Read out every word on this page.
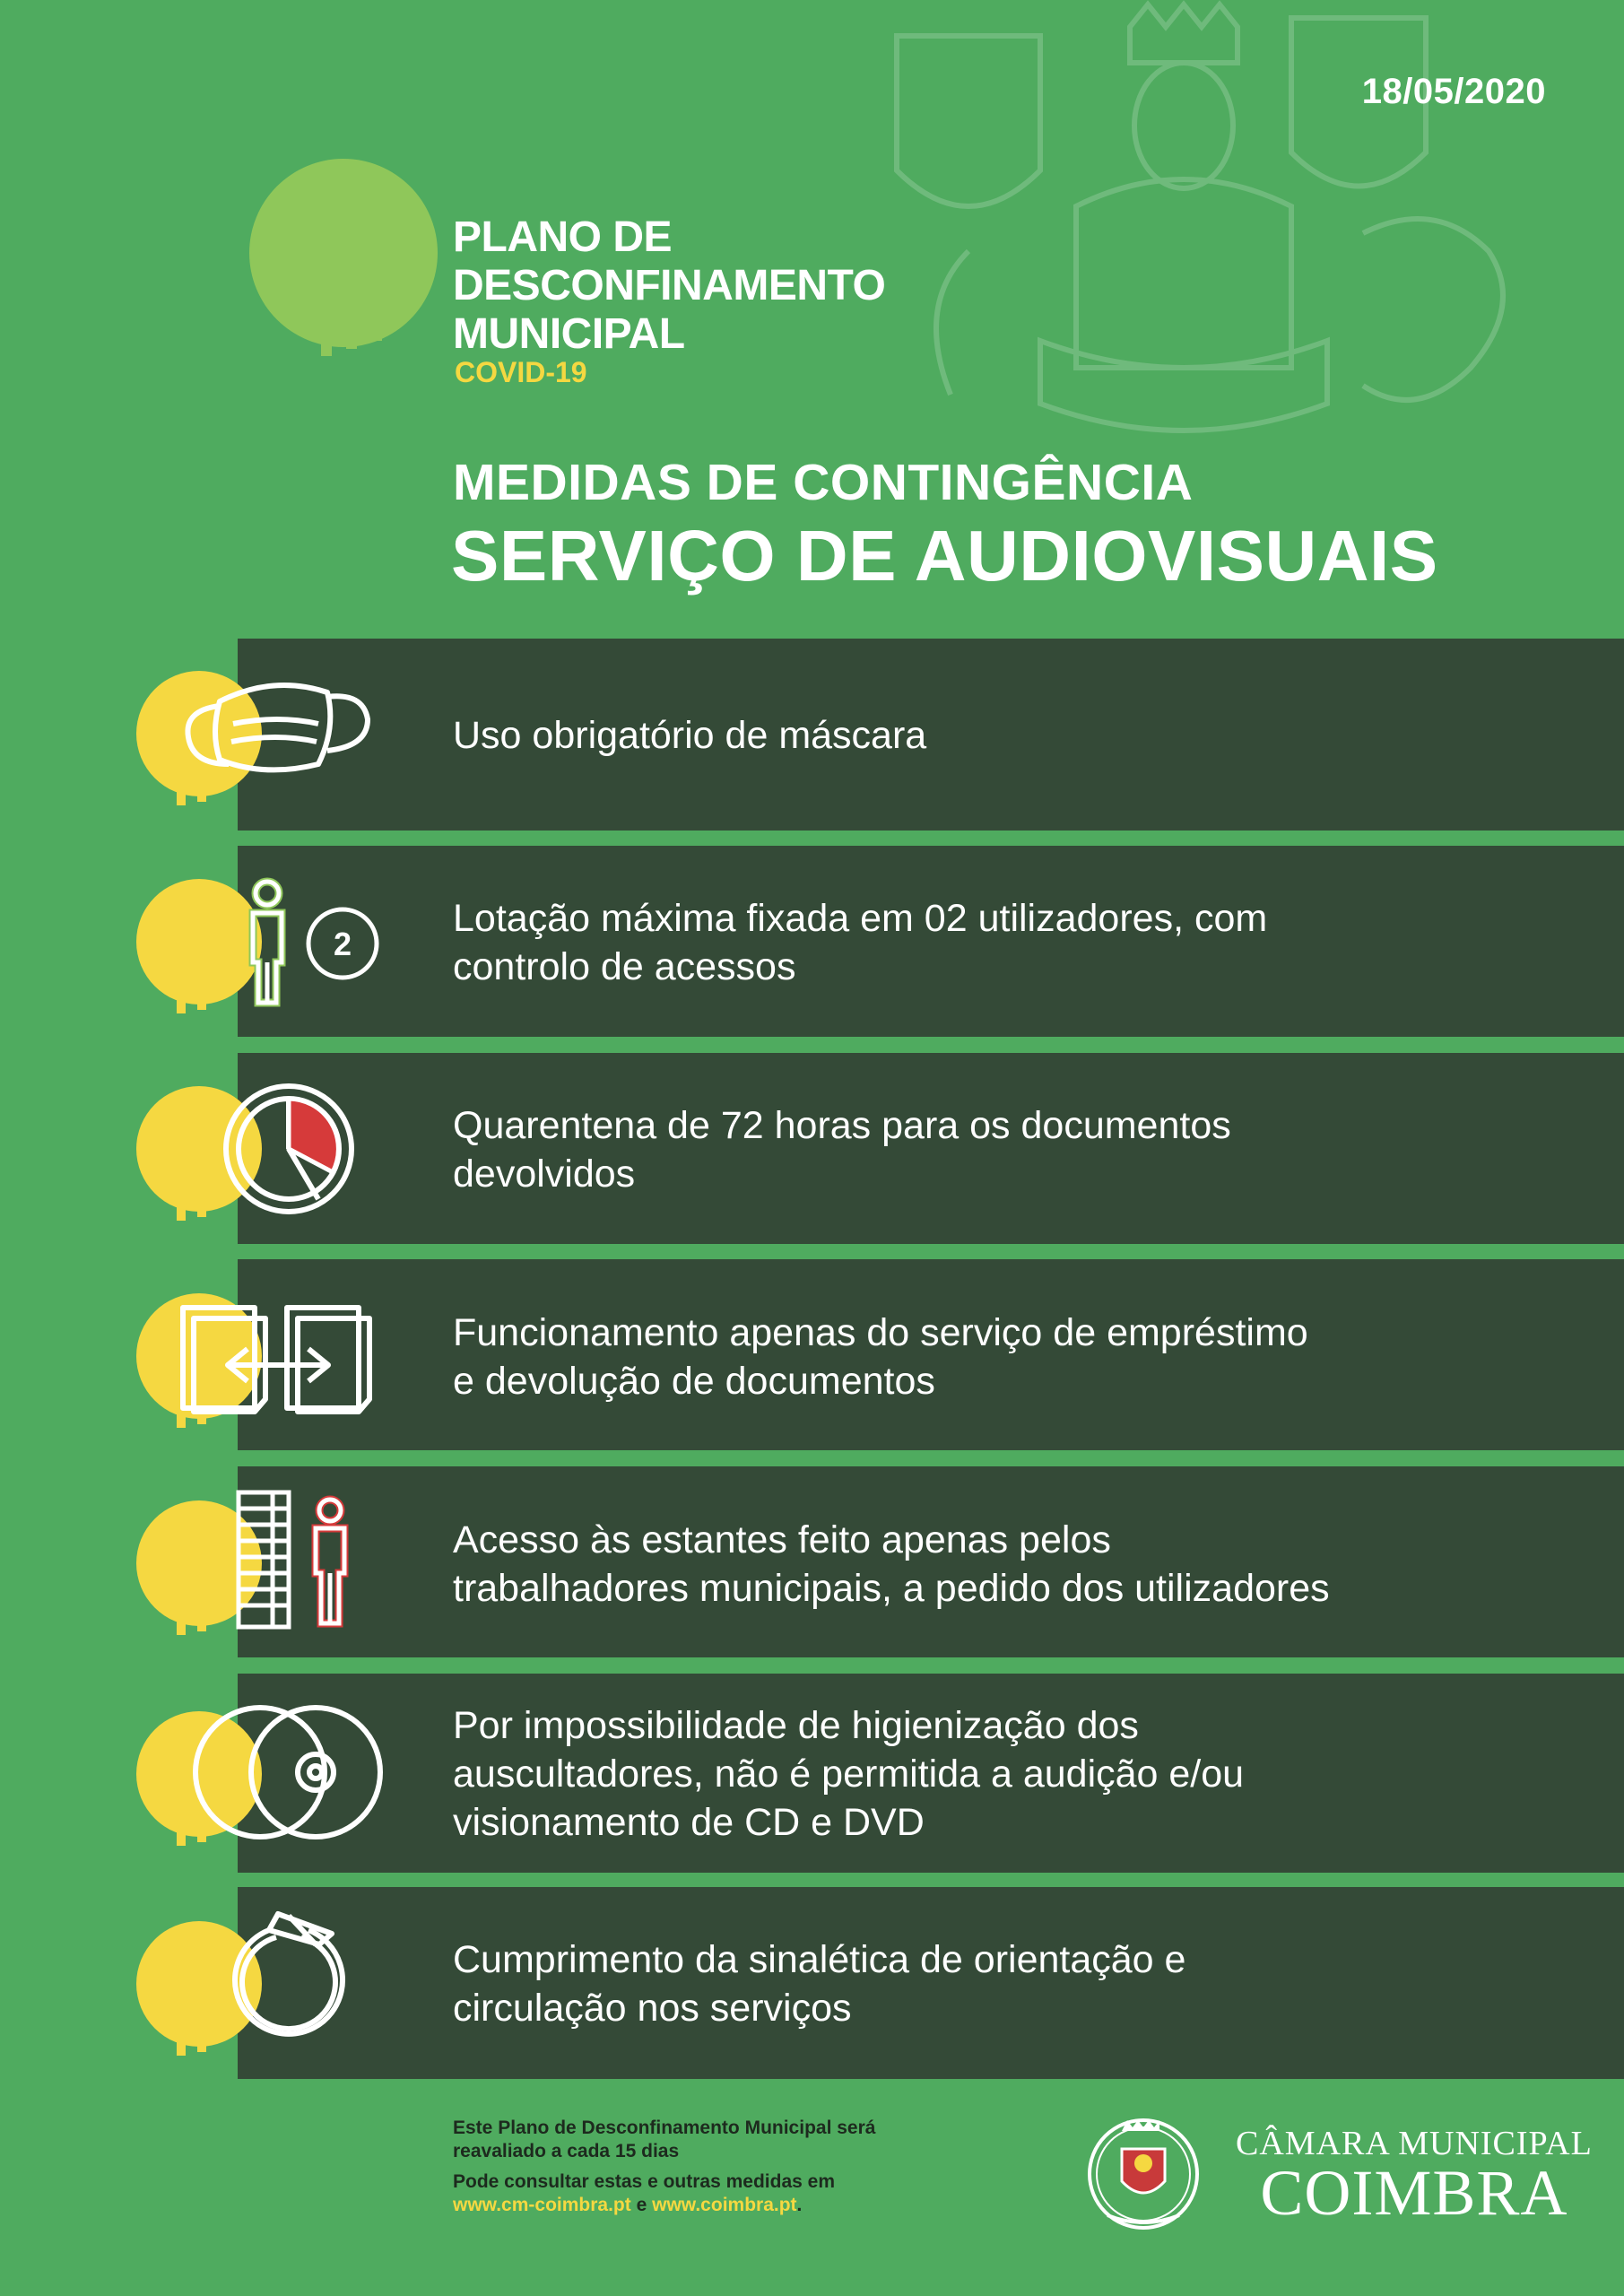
18/05/2020
PLANO DE
DESCONFINAMENTO
MUNICIPAL
COVID-19
MEDIDAS DE CONTINGÊNCIA
SERVIÇO DE AUDIOVISUAIS
2
Uso obrigatório de máscara
Lotação máxima fixada em 02 utilizadores, com
controlo de acessos
Quarentena de 72 horas para os documentos
devolvidos
Funcionamento apenas do serviço de empréstimo
e devolução de documentos
Acesso às estantes feito apenas pelos
trabalhadores municipais, a pedido dos utilizadores
Por impossibilidade de higienização dos
auscultadores, não é permitida a audição e/ou
visionamento de CD e DVD
Cumprimento da sinalética de orientação e
circulação nos serviços
Este Plano de Desconfinamento Municipal será
reavaliado a cada 15 dias
Pode consultar estas e outras medidas em
www.cm-coimbra.pt e www.coimbra.pt.
CÂMARA MUNICIPAL
COIMBRA
